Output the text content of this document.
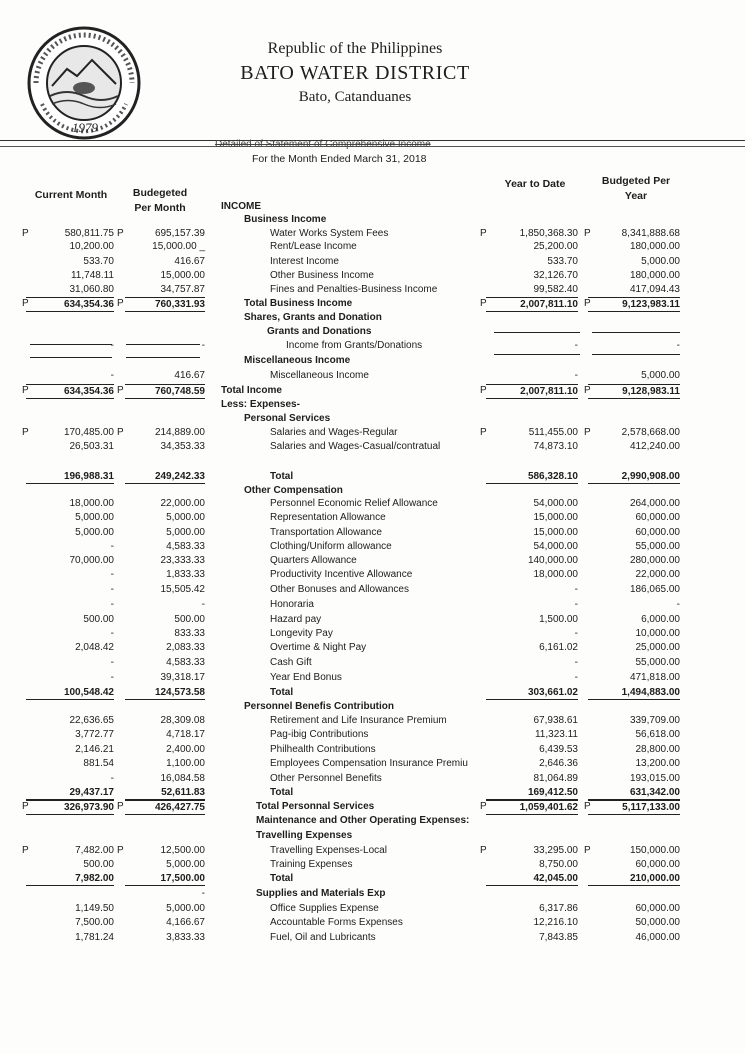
1979
Republic of the Philippines
BATO WATER DISTRICT
Bato, Catanduanes
Detailed of Statement of Comprehensive Income
For the Month Ended March 31, 2018
Current Month	Budegeted Per Month
Year to Date	Budgeted Per Year
INCOME
Business Income
Water Works System Fees
580,811.75	695,157.39	1,850,368.30	8,341,888.68
P	P	P	P
Rent/Lease Income
10,200.00	15,000.00 _	25,200.00	180,000.00
Interest Income
533.70	416.67	533.70	5,000.00
Other Business Income
11,748.11	15,000.00	32,126.70	180,000.00
Fines and Penalties-Business Income
31,060.80	34,757.87	99,582.40	417,094.43
Total Business Income
634,354.36	760,331.93	2,007,811.10	9,123,983.11
P	P	P	P
Shares, Grants and Donation
Grants and Donations
Income from Grants/Donations
-	-	-	-
Miscellaneous Income
Miscellaneous Income
-	416.67	-	5,000.00
Total Income
634,354.36	760,748.59	2,007,811.10	9,128,983.11
P	P	P	P
Less: Expenses-
Personal Services
Salaries and Wages-Regular
170,485.00	214,889.00	511,455.00	2,578,668.00
P	P	P	P
Salaries and Wages-Casual/contratual
26,503.31	34,353.33	74,873.10	412,240.00
Total
196,988.31	249,242.33	586,328.10	2,990,908.00
Other Compensation
Personnel Economic Relief Allowance
18,000.00	22,000.00	54,000.00	264,000.00
Representation Allowance
5,000.00	5,000.00	15,000.00	60,000.00
Transportation Allowance
5,000.00	5,000.00	15,000.00	60,000.00
Clothing/Uniform allowance
-	4,583.33	54,000.00	55,000.00
Quarters Allowance
70,000.00	23,333.33	140,000.00	280,000.00
Productivity Incentive Allowance
-	1,833.33	18,000.00	22,000.00
Other Bonuses and Allowances
-	15,505.42	-	186,065.00
Honoraria
-	-	-	-
Hazard pay
500.00	500.00	1,500.00	6,000.00
Longevity Pay
-	833.33	-	10,000.00
Overtime & Night Pay
2,048.42	2,083.33	6,161.02	25,000.00
Cash Gift
-	4,583.33	-	55,000.00
Year End Bonus
-	39,318.17	-	471,818.00
Total
100,548.42	124,573.58	303,661.02	1,494,883.00
Personnel Benefis Contribution
Retirement and Life Insurance Premium
22,636.65	28,309.08	67,938.61	339,709.00
Pag-ibig Contributions
3,772.77	4,718.17	11,323.11	56,618.00
Philhealth Contributions
2,146.21	2,400.00	6,439.53	28,800.00
Employees Compensation Insurance Premiu
881.54	1,100.00	2,646.36	13,200.00
Other Personnel Benefits
-	16,084.58	81,064.89	193,015.00
Total
29,437.17	52,611.83	169,412.50	631,342.00
Total Personnal Services
326,973.90	426,427.75	1,059,401.62	5,117,133.00
P	P	P	P
Maintenance and Other Operating Expenses:
Travelling Expenses
Travelling Expenses-Local
7,482.00	12,500.00	33,295.00	150,000.00
P	P	P	P
Training Expenses
500.00	5,000.00	8,750.00	60,000.00
Total
7,982.00	17,500.00	42,045.00	210,000.00
Supplies and Materials Exp
-
Office Supplies Expense
1,149.50	5,000.00	6,317.86	60,000.00
Accountable Forms Expenses
7,500.00	4,166.67	12,216.10	50,000.00
Fuel, Oil and Lubricants
1,781.24	3,833.33	7,843.85	46,000.00
